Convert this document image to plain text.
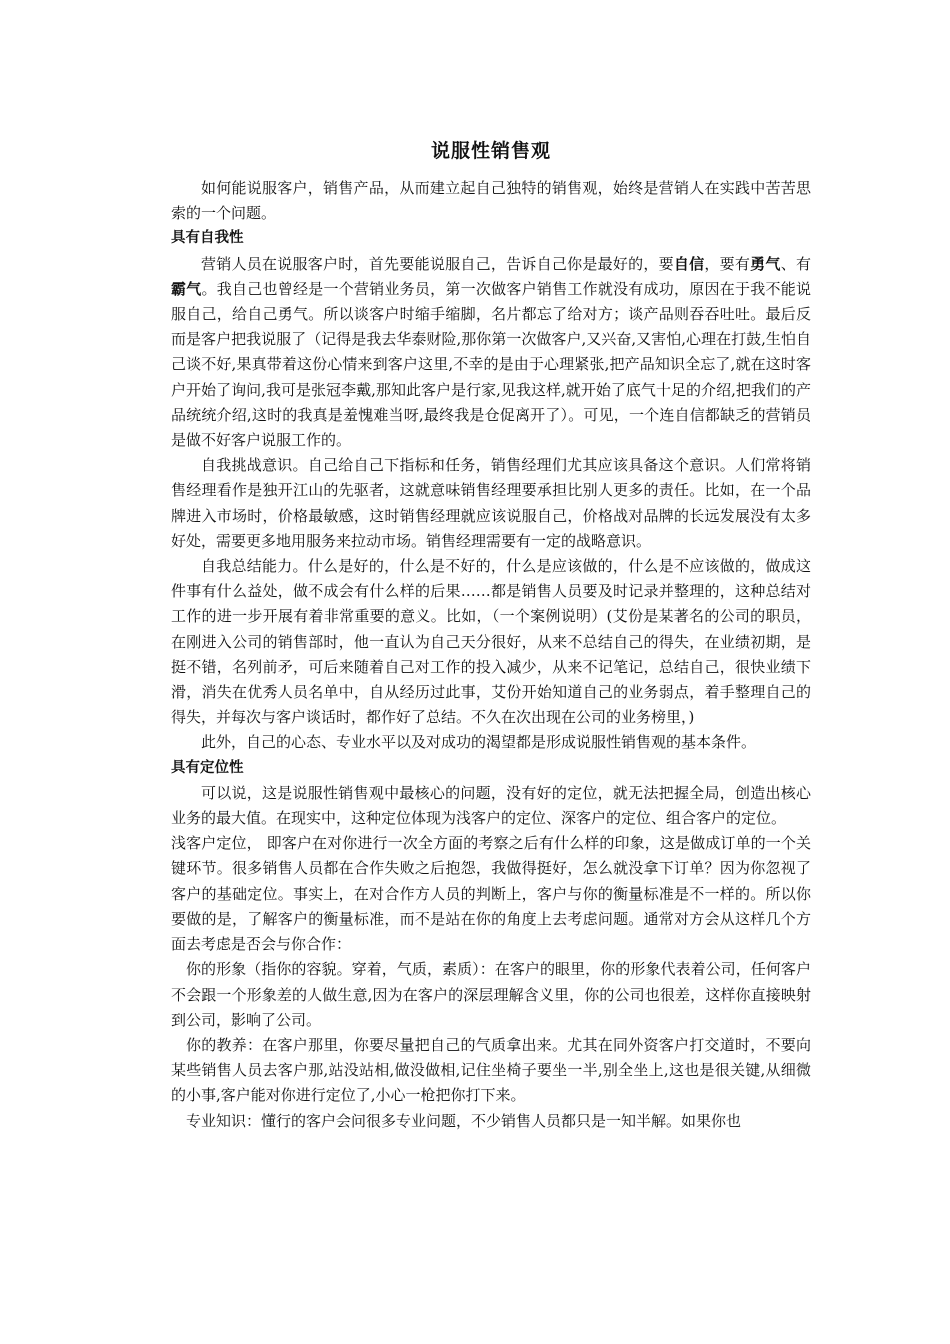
说服性销售观

如何能说服客户，销售产品，从而建立起自己独特的销售观，始终是营销人在实践中苦苦思索的一个问题。

具有自我性

营销人员在说服客户时，首先要能说服自己，告诉自己你是最好的，要自信，要有勇气、有霸气。我自己也曾经是一个营销业务员，第一次做客户销售工作就没有成功，原因在于我不能说服自己，给自己勇气。所以谈客户时缩手缩脚，名片都忘了给对方；谈产品则吞吞吐吐。最后反而是客户把我说服了（记得是我去华泰财险,那你第一次做客户,又兴奋,又害怕,心理在打鼓,生怕自己谈不好,果真带着这份心情来到客户这里,不幸的是由于心理紧张,把产品知识全忘了,就在这时客户开始了询问,我可是张冠李戴,那知此客户是行家,见我这样,就开始了底气十足的介绍,把我们的产品统统介绍,这时的我真是羞愧难当呀,最终我是仓促离开了）。可见，一个连自信都缺乏的营销员是做不好客户说服工作的。

自我挑战意识。自己给自己下指标和任务，销售经理们尤其应该具备这个意识。人们常将销售经理看作是独开江山的先驱者，这就意味销售经理要承担比别人更多的责任。比如，在一个品牌进入市场时，价格最敏感，这时销售经理就应该说服自己，价格战对品牌的长远发展没有太多好处，需要更多地用服务来拉动市场。销售经理需要有一定的战略意识。

自我总结能力。什么是好的，什么是不好的，什么是应该做的，什么是不应该做的，做成这件事有什么益处，做不成会有什么样的后果……都是销售人员要及时记录并整理的，这种总结对工作的进一步开展有着非常重要的意义。比如，（一个案例说明）(艾份是某著名的公司的职员，在刚进入公司的销售部时，他一直认为自己天分很好，从来不总结自己的得失，在业绩初期，是挺不错，名列前矛，可后来随着自己对工作的投入减少，从来不记笔记，总结自己，很快业绩下滑，消失在优秀人员名单中，自从经历过此事，艾份开始知道自己的业务弱点，着手整理自己的得失，并每次与客户谈话时，都作好了总结。不久在次出现在公司的业务榜里，)

此外，自己的心态、专业水平以及对成功的渴望都是形成说服性销售观的基本条件。

具有定位性

可以说，这是说服性销售观中最核心的问题，没有好的定位，就无法把握全局，创造出核心业务的最大值。在现实中，这种定位体现为浅客户的定位、深客户的定位、组合客户的定位。

浅客户定位， 即客户在对你进行一次全方面的考察之后有什么样的印象，这是做成订单的一个关键环节。很多销售人员都在合作失败之后抱怨，我做得挺好，怎么就没拿下订单？因为你忽视了客户的基础定位。事实上，在对合作方人员的判断上，客户与你的衡量标准是不一样的。所以你要做的是，了解客户的衡量标准，而不是站在你的角度上去考虑问题。通常对方会从这样几个方面去考虑是否会与你合作：

你的形象（指你的容貌。穿着，气质，素质）：在客户的眼里，你的形象代表着公司，任何客户不会跟一个形象差的人做生意,因为在客户的深层理解含义里，你的公司也很差，这样你直接映射到公司，影响了公司。

你的教养：在客户那里，你要尽量把自己的气质拿出来。尤其在同外资客户打交道时，不要向某些销售人员去客户那,站没站相,做没做相,记住坐椅子要坐一半,别全坐上,这也是很关键,从细微的小事,客户能对你进行定位了,小心一枪把你打下来。

专业知识：懂行的客户会问很多专业问题，不少销售人员都只是一知半解。如果你也
